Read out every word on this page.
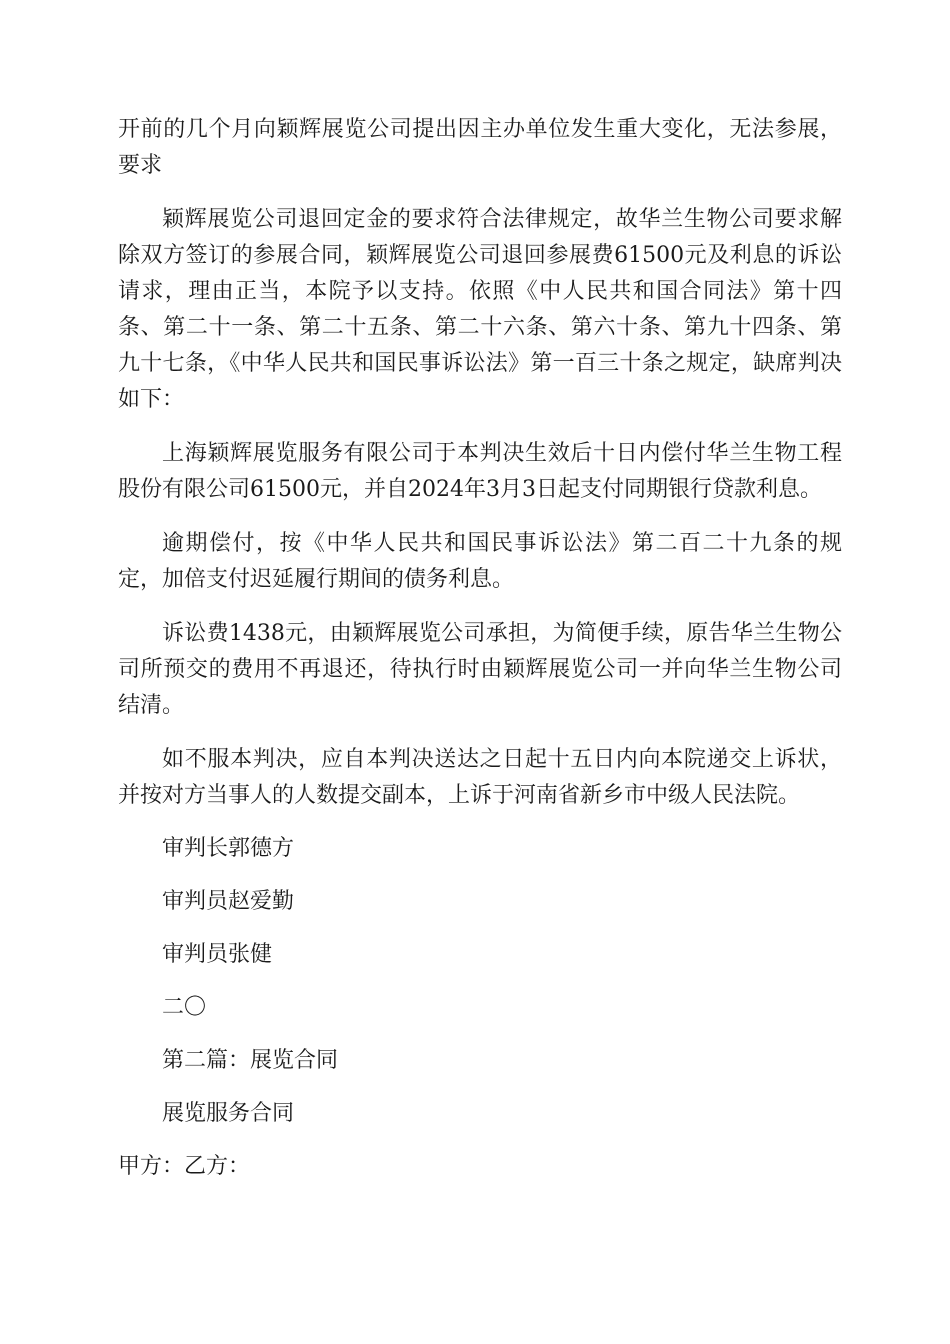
开前的几个月向颖辉展览公司提出因主办单位发生重大变化，无法参展，要求

颖辉展览公司退回定金的要求符合法律规定，故华兰生物公司要求解除双方签订的参展合同，颖辉展览公司退回参展费61500元及利息的诉讼请求，理由正当，本院予以支持。依照《中人民共和国合同法》第十四条、第二十一条、第二十五条、第二十六条、第六十条、第九十四条、第九十七条，《中华人民共和国民事诉讼法》第一百三十条之规定，缺席判决如下：

上海颖辉展览服务有限公司于本判决生效后十日内偿付华兰生物工程股份有限公司61500元，并自2024年3月3日起支付同期银行贷款利息。

逾期偿付，按《中华人民共和国民事诉讼法》第二百二十九条的规定，加倍支付迟延履行期间的债务利息。

诉讼费1438元，由颖辉展览公司承担，为简便手续，原告华兰生物公司所预交的费用不再退还，待执行时由颖辉展览公司一并向华兰生物公司结清。

如不服本判决，应自本判决送达之日起十五日内向本院递交上诉状，并按对方当事人的人数提交副本，上诉于河南省新乡市中级人民法院。

审判长郭德方

审判员赵爱勤

审判员张健

二〇

第二篇：展览合同

展览服务合同

甲方：乙方：
